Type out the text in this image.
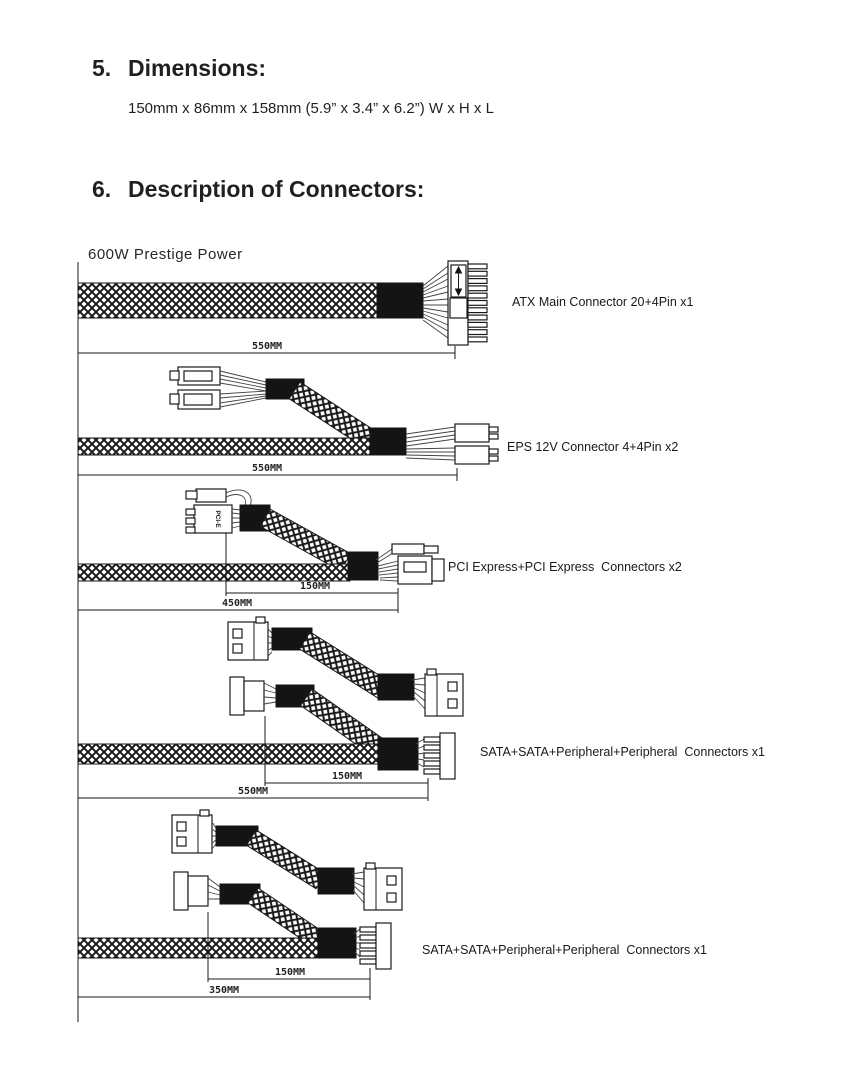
5. Dimensions:
150mm x 86mm x 158mm (5.9” x 3.4” x 6.2”) W x H x L
6. Description of Connectors:
600W Prestige Power
550MM
ATX Main Connector 20+4Pin x1
550MM
EPS 12V Connector 4+4Pin x2
PCI-E
150MM
450MM
PCI Express+PCI Express  Connectors x2
150MM
550MM
SATA+SATA+Peripheral+Peripheral  Connectors x1
150MM
350MM
SATA+SATA+Peripheral+Peripheral  Connectors x1
